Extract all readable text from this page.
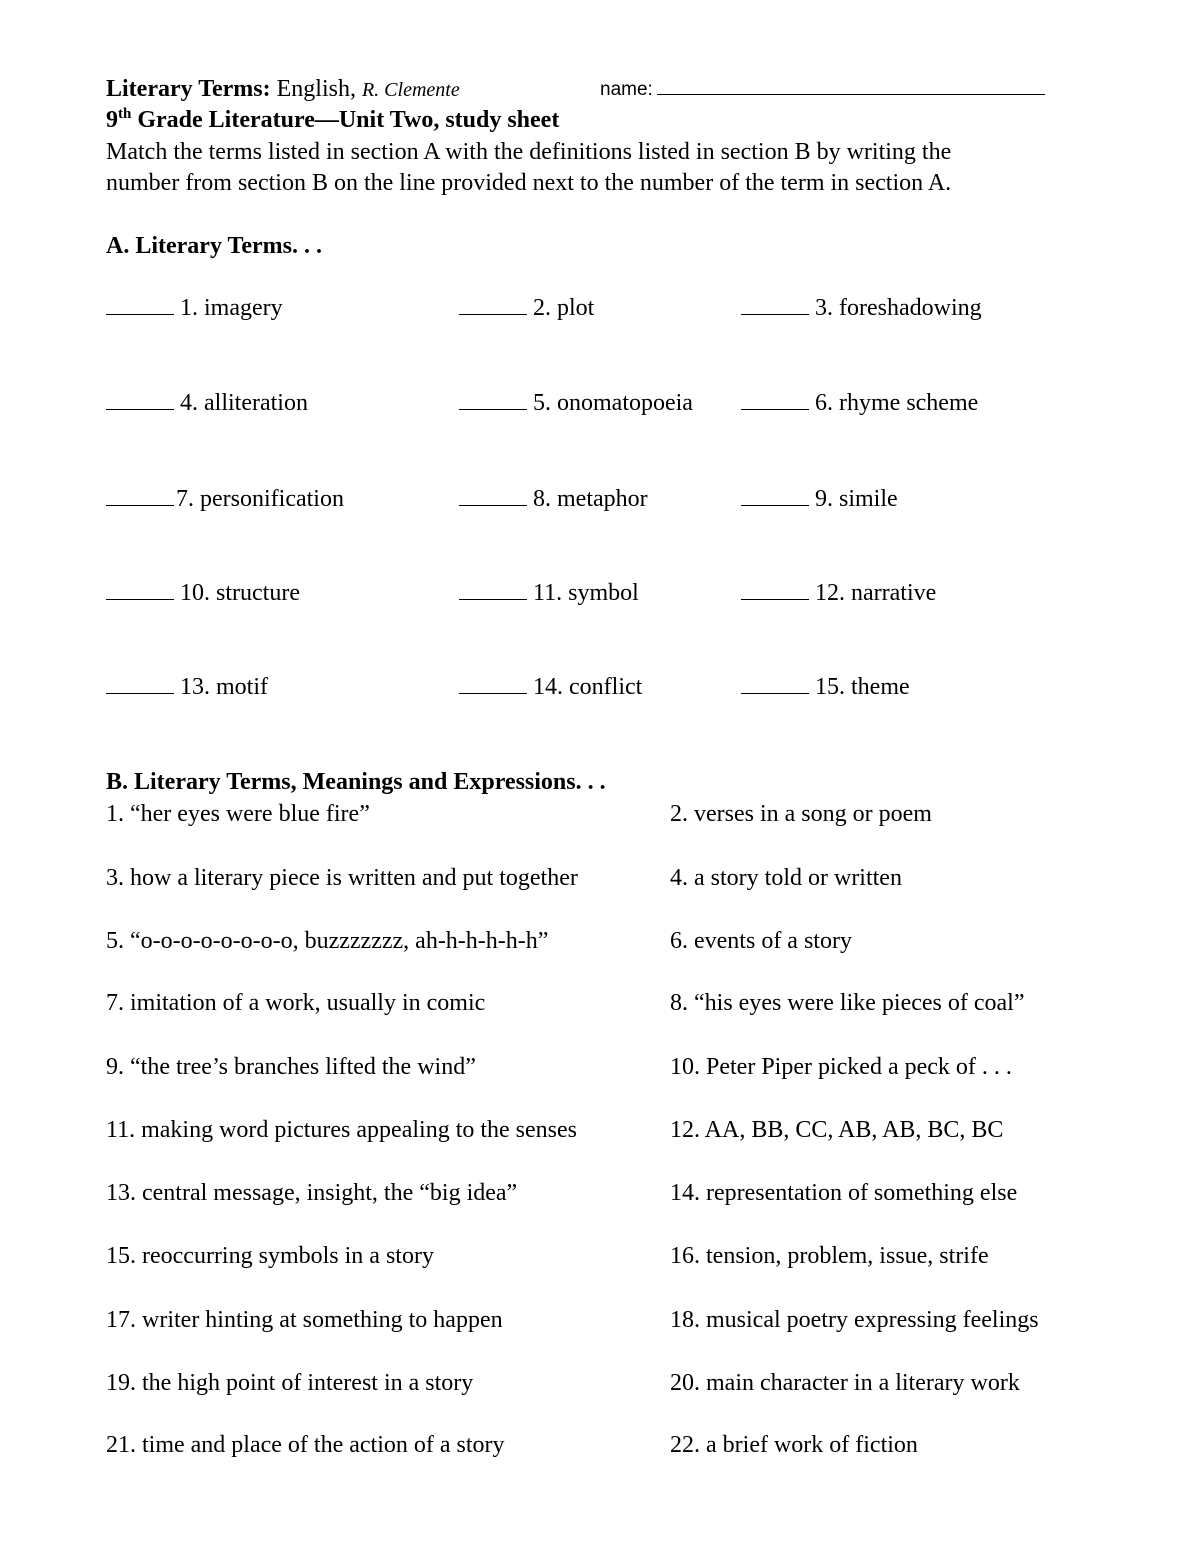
Literary Terms: English, R. Clemente	name:
9th Grade Literature—Unit Two, study sheet
Match the terms listed in section A with the definitions listed in section B by writing the
number from section B on the line provided next to the number of the term in section A.
A. Literary Terms. . .
1. imagery	2. plot	3. foreshadowing
4. alliteration	5. onomatopoeia	6. rhyme scheme
7. personification	8. metaphor	9. simile
10. structure	11. symbol	12. narrative
13. motif	14. conflict	15. theme
B. Literary Terms, Meanings and Expressions. . .
1. “her eyes were blue fire”	2. verses in a song or poem
3. how a literary piece is written and put together	4. a story told or written
5. “o-o-o-o-o-o-o-o, buzzzzzzz, ah-h-h-h-h-h”	6. events of a story
7. imitation of a work, usually in comic	8. “his eyes were like pieces of coal”
9. “the tree’s branches lifted the wind”	10. Peter Piper picked a peck of . . .
11. making word pictures appealing to the senses	12. AA, BB, CC, AB, AB, BC, BC
13. central message, insight, the “big idea”	14. representation of something else
15. reoccurring symbols in a story	16. tension, problem, issue, strife
17. writer hinting at something to happen	18. musical poetry expressing feelings
19. the high point of interest in a story	20. main character in a literary work
21. time and place of the action of a story	22. a brief work of fiction
